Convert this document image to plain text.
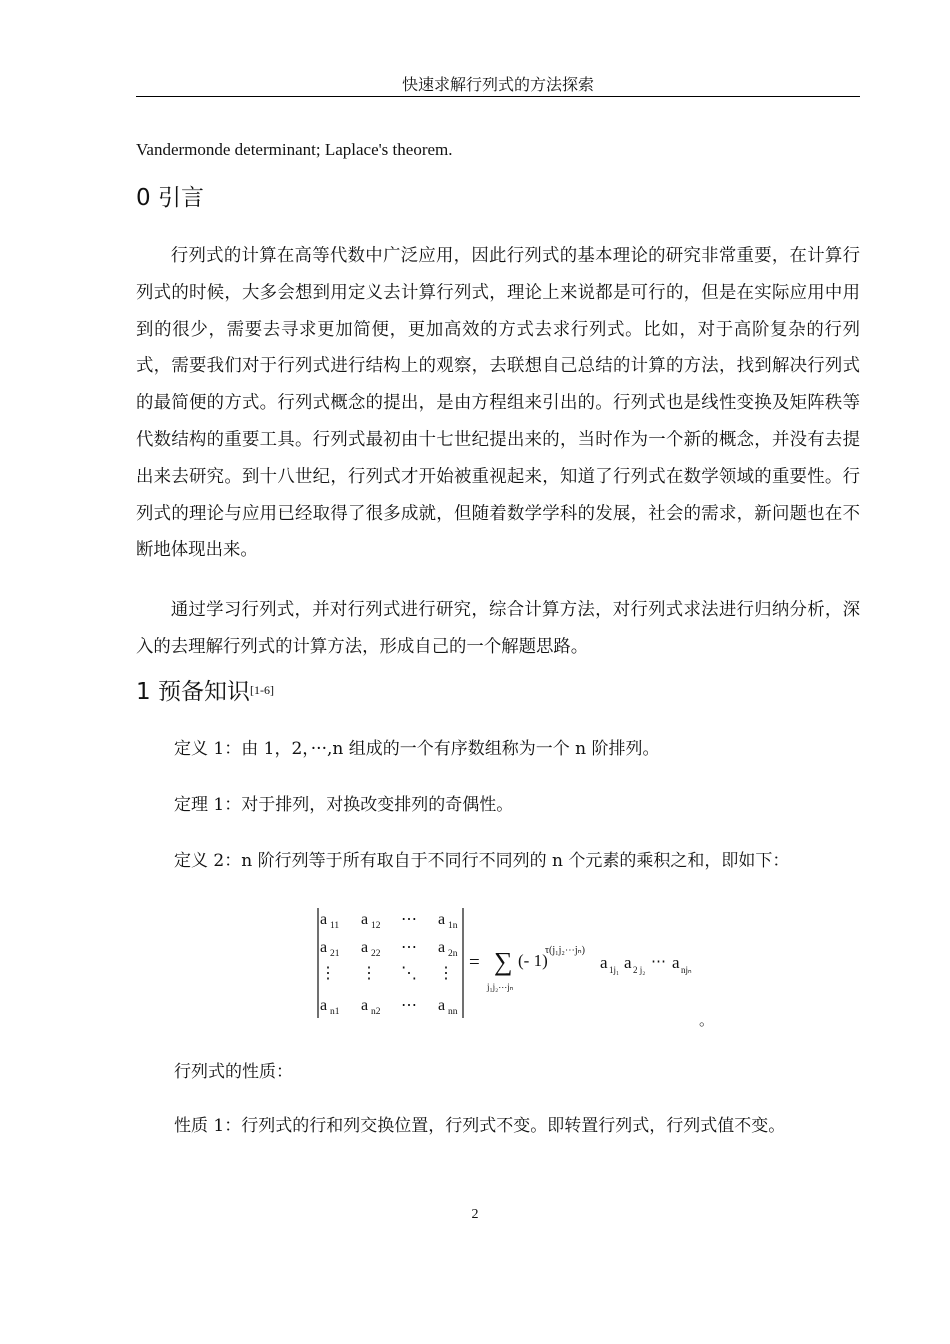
快速求解行列式的方法探索
Vandermonde determinant; Laplace's theorem.
0 引言

行列式的计算在高等代数中广泛应用，因此行列式的基本理论的研究非常重要，在计算行列式的时候，大多会想到用定义去计算行列式，理论上来说都是可行的，但是在实际应用中用到的很少，需要去寻求更加简便，更加高效的方式去求行列式。比如，对于高阶复杂的行列式，需要我们对于行列式进行结构上的观察，去联想自己总结的计算的方法，找到解决行列式的最简便的方式。行列式概念的提出，是由方程组来引出的。行列式也是线性变换及矩阵秩等代数结构的重要工具。行列式最初由十七世纪提出来的，当时作为一个新的概念，并没有去提出来去研究。到十八世纪，行列式才开始被重视起来，知道了行列式在数学领域的重要性。行列式的理论与应用已经取得了很多成就，但随着数学学科的发展，社会的需求，新问题也在不断地体现出来。

通过学习行列式，并对行列式进行研究，综合计算方法，对行列式求法进行归纳分析，深入的去理解行列式的计算方法，形成自己的一个解题思路。

1 预备知识[1-6]
定义 1：由 1，2，···,n 组成的一个有序数组称为一个 n 阶排列。
定理 1：对于排列，对换改变排列的奇偶性。
定义 2：n 阶行列等于所有取自于不同行不同列的 n 个元素的乘积之和，即如下：
a 11 a 12 ⋯ a 1n
a 21 a 22 ⋯ a 2n
⋮ ⋮ ⋱ ⋮
a n1 a n2 ⋯ a nn
= ∑
j₁j₂⋯jₙ
(- 1)
τ(j₁j₂⋯jₙ)
a 1j₁ a 2 j₂ ⋯ a njₙ
。
行列式的性质：
性质 1：行列式的行和列交换位置，行列式不变。即转置行列式，行列式值不变。
2
